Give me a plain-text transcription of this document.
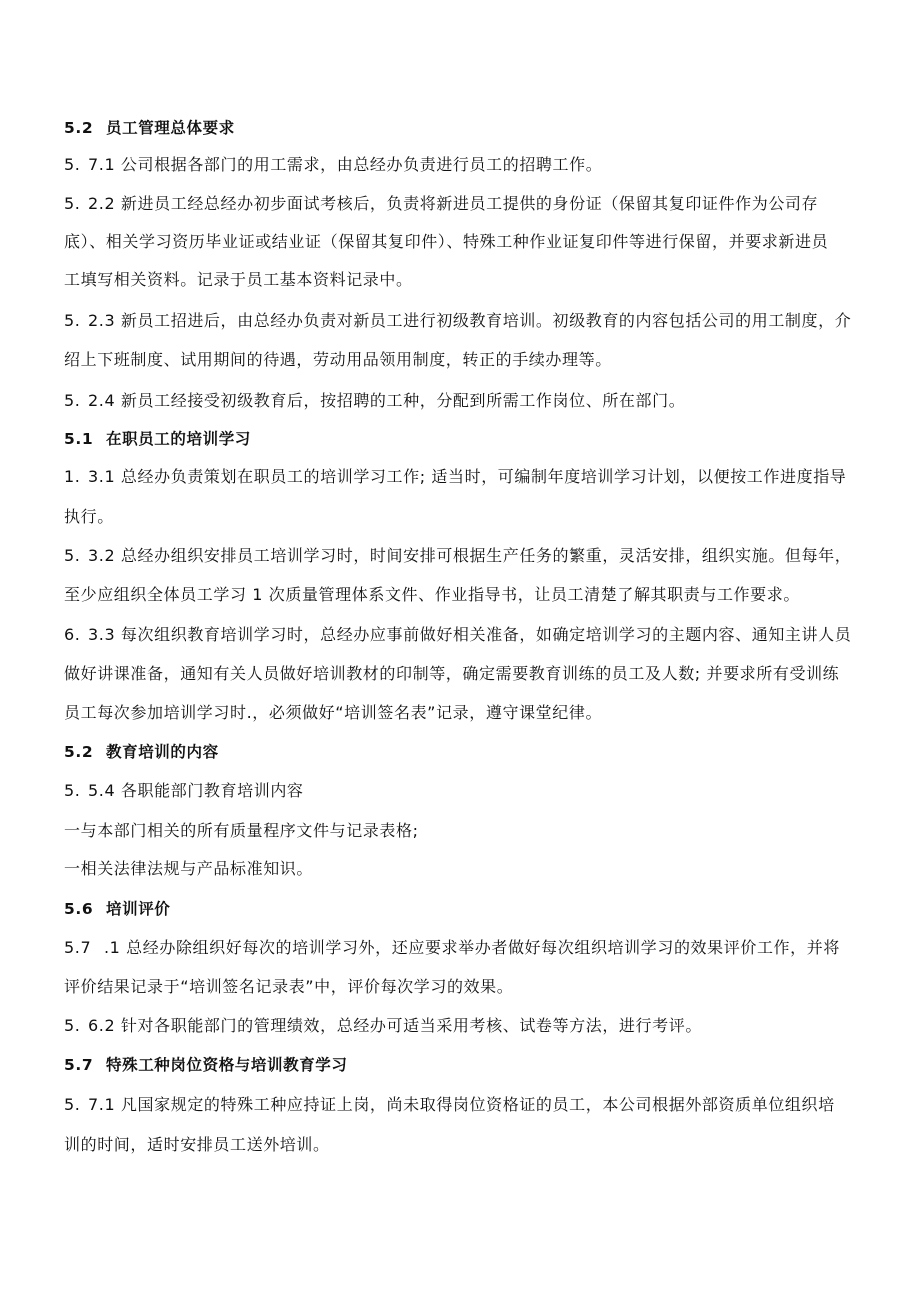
5.2 员工管理总体要求
5. 7.1 公司根据各部门的用工需求，由总经办负责进行员工的招聘工作。
5. 2.2 新进员工经总经办初步面试考核后，负责将新进员工提供的身份证（保留其复印证件作为公司存
底）、相关学习资历毕业证或结业证（保留其复印件）、特殊工种作业证复印件等进行保留，并要求新进员
工填写相关资料。记录于员工基本资料记录中。
5. 2.3 新员工招进后，由总经办负责对新员工进行初级教育培训。初级教育的内容包括公司的用工制度，介
绍上下班制度、试用期间的待遇，劳动用品领用制度，转正的手续办理等。
5. 2.4 新员工经接受初级教育后，按招聘的工种，分配到所需工作岗位、所在部门。
5.1 在职员工的培训学习
1. 3.1 总经办负责策划在职员工的培训学习工作; 适当时，可编制年度培训学习计划，以便按工作进度指导
执行。
5. 3.2 总经办组织安排员工培训学习时，时间安排可根据生产任务的繁重，灵活安排，组织实施。但每年，
至少应组织全体员工学习 1 次质量管理体系文件、作业指导书，让员工清楚了解其职责与工作要求。
6. 3.3 每次组织教育培训学习时，总经办应事前做好相关准备，如确定培训学习的主题内容、通知主讲人员
做好讲课准备，通知有关人员做好培训教材的印制等，确定需要教育训练的员工及人数; 并要求所有受训练
员工每次参加培训学习时.，必须做好“培训签名表”记录，遵守课堂纪律。
5.2 教育培训的内容
5. 5.4 各职能部门教育培训内容
一与本部门相关的所有质量程序文件与记录表格;
一相关法律法规与产品标准知识。
5.6 培训评价
5.7 .1 总经办除组织好每次的培训学习外，还应要求举办者做好每次组织培训学习的效果评价工作，并将
评价结果记录于“培训签名记录表”中，评价每次学习的效果。
5. 6.2 针对各职能部门的管理绩效，总经办可适当采用考核、试卷等方法，进行考评。
5.7 特殊工种岗位资格与培训教育学习
5. 7.1 凡国家规定的特殊工种应持证上岗，尚未取得岗位资格证的员工，本公司根据外部资质单位组织培
训的时间，适时安排员工送外培训。
